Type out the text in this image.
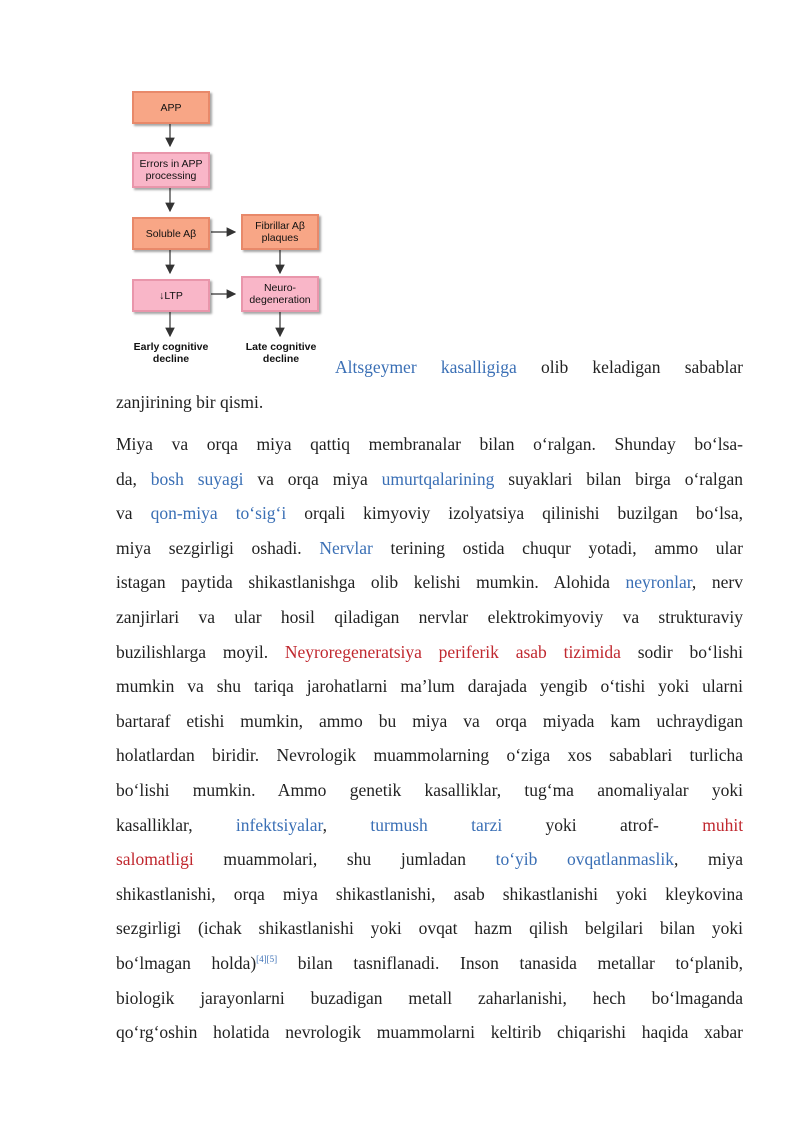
APP
Errors in APP processing
Soluble Aβ
Fibrillar Aβ plaques
↓LTP
Neuro-degeneration
Early cognitive decline
Late cognitive decline	Altsgeymer kasalligiga olib keladigan sabablar
zanjirining bir qismi.
Miya va orqa miya qattiq membranalar bilan oʻralgan. Shunday boʻlsa-
da, bosh suyagi va orqa miya umurtqalarining suyaklari bilan birga oʻralgan
va qon-miya toʻsigʻi orqali kimyoviy izolyatsiya qilinishi buzilgan boʻlsa,
miya sezgirligi oshadi. Nervlar terining ostida chuqur yotadi, ammo ular
istagan paytida shikastlanishga olib kelishi mumkin. Alohida neyronlar, nerv
zanjirlari va ular hosil qiladigan nervlar elektrokimyoviy va strukturaviy
buzilishlarga moyil. Neyroregeneratsiya periferik asab tizimida sodir boʻlishi
mumkin va shu tariqa jarohatlarni maʼlum darajada yengib oʻtishi yoki ularni
bartaraf etishi mumkin, ammo bu miya va orqa miyada kam uchraydigan
holatlardan biridir. Nevrologik muammolarning oʻziga xos sabablari turlicha
boʻlishi mumkin. Ammo genetik kasalliklar, tugʻma anomaliyalar yoki
kasalliklar, infektsiyalar, turmush tarzi yoki atrof- muhit
salomatligi muammolari, shu jumladan toʻyib ovqatlanmaslik, miya
shikastlanishi, orqa miya shikastlanishi, asab shikastlanishi yoki kleykovina
sezgirligi (ichak shikastlanishi yoki ovqat hazm qilish belgilari bilan yoki
boʻlmagan holda)[4][5] bilan tasniflanadi. Inson tanasida metallar toʻplanib,
biologik jarayonlarni buzadigan metall zaharlanishi, hech boʻlmaganda
qoʻrgʻoshin holatida nevrologik muammolarni keltirib chiqarishi haqida xabar
